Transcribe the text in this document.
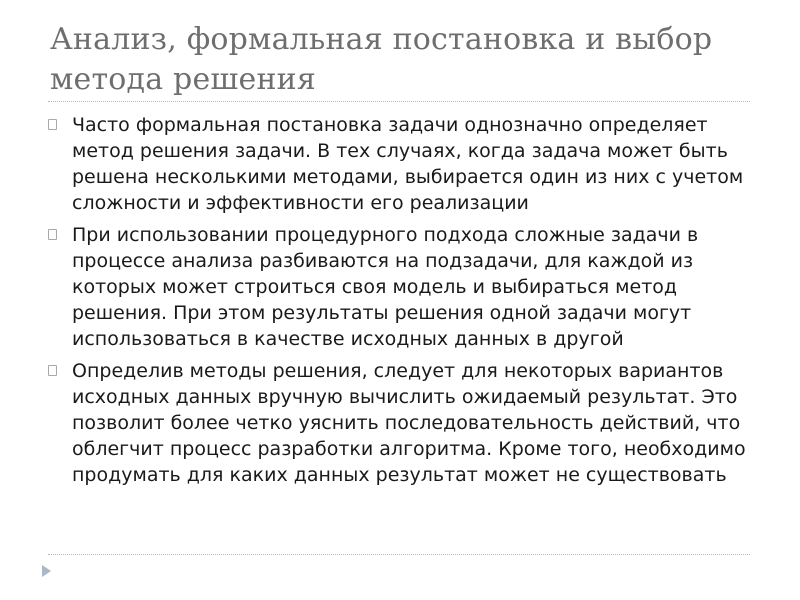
Анализ, формальная постановка и выбор
метода решения
Часто формальная постановка задачи однозначно определяет метод решения задачи. В тех случаях, когда задача может быть решена несколькими методами, выбирается один из них с учетом сложности и эффективности его реализации
При использовании процедурного подхода сложные задачи в процессе анализа разбиваются на подзадачи, для каждой из которых может строиться своя модель и выбираться метод решения. При этом результаты решения одной задачи могут использоваться в качестве исходных данных в другой
Определив методы решения, следует для некоторых вариантов исходных данных вручную вычислить ожидаемый результат. Это позволит более четко уяснить последовательность действий, что облегчит процесс разработки алгоритма. Кроме того, необходимо продумать для каких данных результат может не существовать
